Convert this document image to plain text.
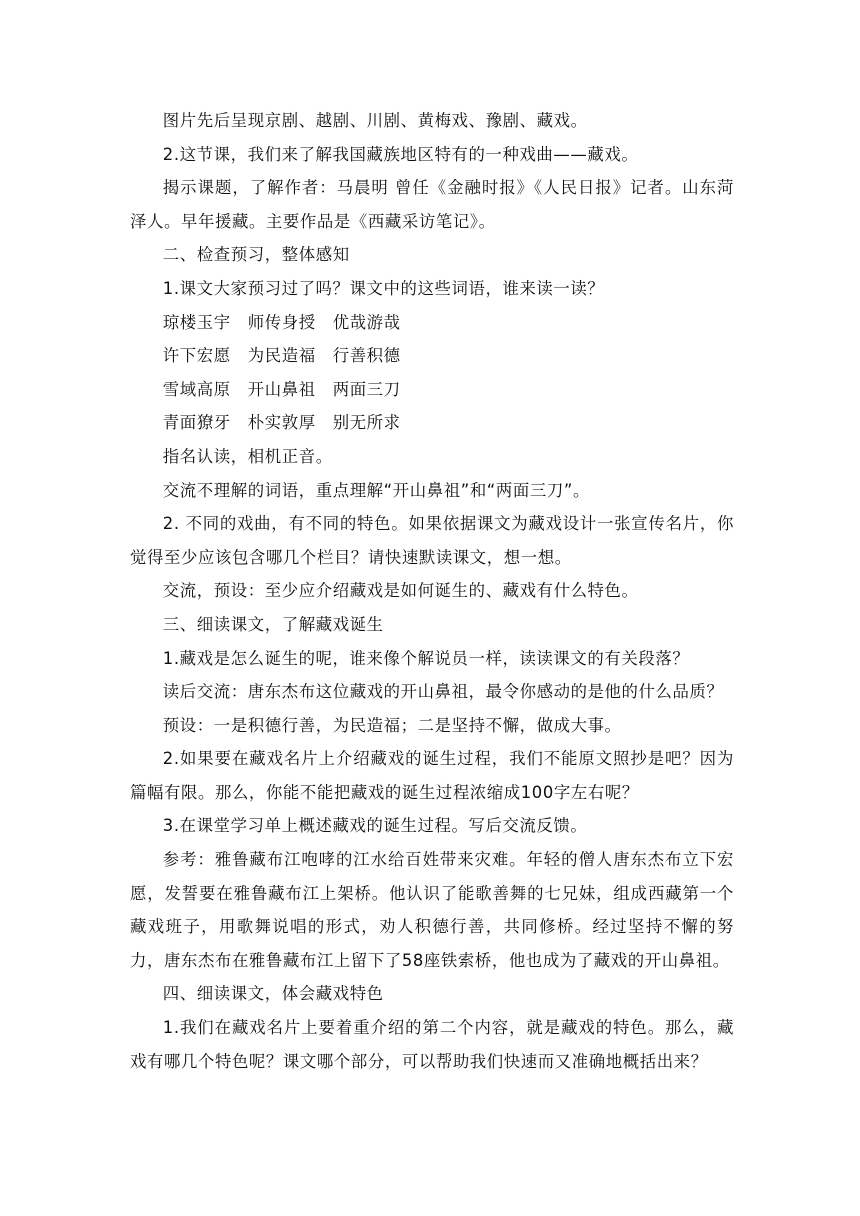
图片先后呈现京剧、越剧、川剧、黄梅戏、豫剧、藏戏。

2.这节课，我们来了解我国藏族地区特有的一种戏曲——藏戏。

揭示课题，了解作者：马晨明 曾任《金融时报》《人民日报》记者。山东菏泽人。早年援藏。主要作品是《西藏采访笔记》。

二、检查预习，整体感知

1.课文大家预习过了吗？课文中的这些词语，谁来读一读？

琼楼玉宇　师传身授　优哉游哉

许下宏愿　为民造福　行善积德

雪域高原　开山鼻祖　两面三刀

青面獠牙　朴实敦厚　别无所求

指名认读，相机正音。

交流不理解的词语，重点理解“开山鼻祖”和“两面三刀”。

2. 不同的戏曲，有不同的特色。如果依据课文为藏戏设计一张宣传名片，你觉得至少应该包含哪几个栏目？请快速默读课文，想一想。

交流，预设：至少应介绍藏戏是如何诞生的、藏戏有什么特色。

三、细读课文，了解藏戏诞生

1.藏戏是怎么诞生的呢，谁来像个解说员一样，读读课文的有关段落？

读后交流：唐东杰布这位藏戏的开山鼻祖，最令你感动的是他的什么品质？

预设：一是积德行善，为民造福；二是坚持不懈，做成大事。

2.如果要在藏戏名片上介绍藏戏的诞生过程，我们不能原文照抄是吧？因为篇幅有限。那么，你能不能把藏戏的诞生过程浓缩成100字左右呢？

3.在课堂学习单上概述藏戏的诞生过程。写后交流反馈。

参考：雅鲁藏布江咆哮的江水给百姓带来灾难。年轻的僧人唐东杰布立下宏愿，发誓要在雅鲁藏布江上架桥。他认识了能歌善舞的七兄妹，组成西藏第一个藏戏班子，用歌舞说唱的形式，劝人积德行善，共同修桥。经过坚持不懈的努力，唐东杰布在雅鲁藏布江上留下了58座铁索桥，他也成为了藏戏的开山鼻祖。

四、细读课文，体会藏戏特色

1.我们在藏戏名片上要着重介绍的第二个内容，就是藏戏的特色。那么，藏戏有哪几个特色呢？课文哪个部分，可以帮助我们快速而又准确地概括出来？
